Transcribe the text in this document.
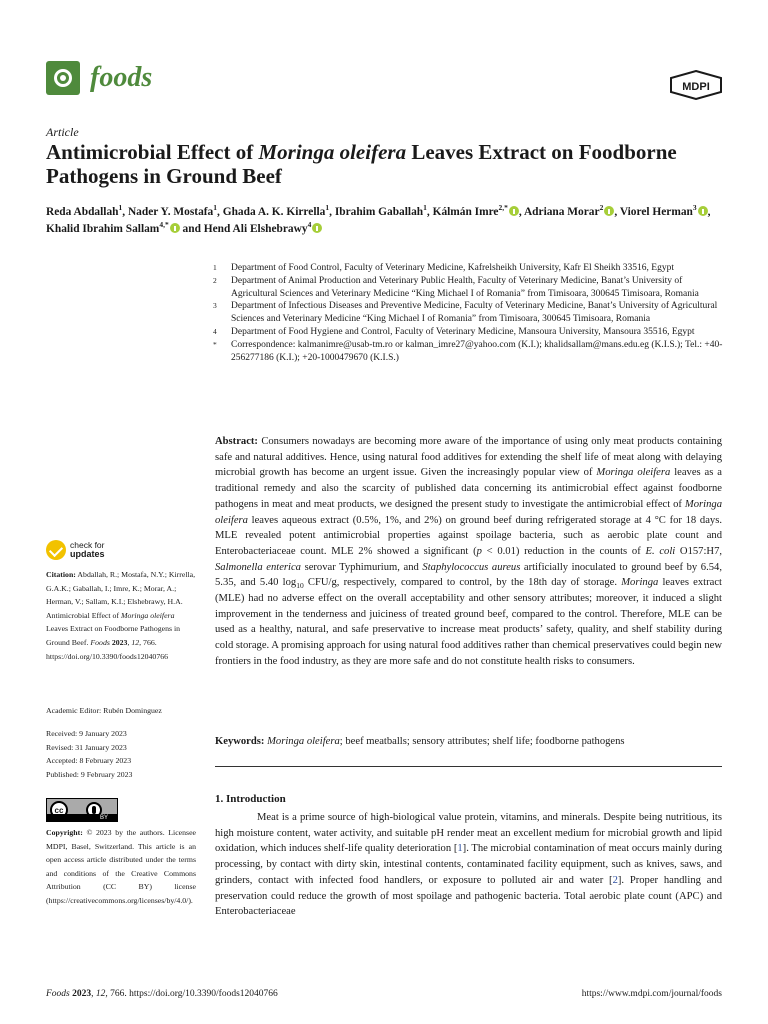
foods	MDPI
Article
Antimicrobial Effect of Moringa oleifera Leaves Extract on Foodborne Pathogens in Ground Beef
Reda Abdallah$^1$, Nader Y. Mostafa$^1$, Ghada A. K. Kirrella$^1$, Ibrahim Gaballah$^1$, Kálmán Imre$^{2,*}$ , Adriana Morar$^2$ , Viorel Herman$^3$ , Khalid Ibrahim Sallam$^{4,*}$ and Hend Ali Elshebrawy$^4$
1	Department of Food Control, Faculty of Veterinary Medicine, Kafrelsheikh University, Kafr El Sheikh 33516, Egypt
2	Department of Animal Production and Veterinary Public Health, Faculty of Veterinary Medicine, Banat’s University of Agricultural Sciences and Veterinary Medicine “King Michael I of Romania” from Timisoara, 300645 Timisoara, Romania
3	Department of Infectious Diseases and Preventive Medicine, Faculty of Veterinary Medicine, Banat’s University of Agricultural Sciences and Veterinary Medicine “King Michael I of Romania” from Timisoara, 300645 Timisoara, Romania
4	Department of Food Hygiene and Control, Faculty of Veterinary Medicine, Mansoura University, Mansoura 35516, Egypt
*	Correspondence: kalmanimre@usab-tm.ro or kalman_imre27@yahoo.com (K.I.); khalidsallam@mans.edu.eg (K.I.S.); Tel.: +40-256277186 (K.I.); +20-1000479670 (K.I.S.)
Abstract: Consumers nowadays are becoming more aware of the importance of using only meat products containing safe and natural additives. Hence, using natural food additives for extending the shelf life of meat along with delaying microbial growth has become an urgent issue. Given the increasingly popular view of Moringa oleifera leaves as a traditional remedy and also the scarcity of published data concerning its antimicrobial effect against foodborne pathogens in meat and meat products, we designed the present study to investigate the antimicrobial effect of Moringa oleifera leaves aqueous extract (0.5%, 1%, and 2%) on ground beef during refrigerated storage at 4 °C for 18 days. MLE revealed potent antimicrobial properties against spoilage bacteria, such as aerobic plate count and Enterobacteriaceae count. MLE 2% showed a significant (p < 0.01) reduction in the counts of E. coli O157:H7, Salmonella enterica serovar Typhimurium, and Staphylococcus aureus artificially inoculated to ground beef by 6.54, 5.35, and 5.40 $\log_{10} CFU/g$, respectively, compared to control, by the 18th day of storage. Moringa leaves extract (MLE) had no adverse effect on the overall acceptability and other sensory attributes; moreover, it induced a slight improvement in the tenderness and juiciness of treated ground beef, compared to the control. Therefore, MLE can be used as a healthy, natural, and safe preservative to increase meat products’ safety, quality, and shelf stability during cold storage. A promising approach for using natural food additives rather than chemical preservatives could begin new frontiers in the food industry, as they are more safe and do not constitute health risks to consumers.
Keywords: Moringa oleifera; beef meatballs; sensory attributes; shelf life; foodborne pathogens
1. Introduction
Meat is a prime source of high-biological value protein, vitamins, and minerals. Despite being nutritious, its high moisture content, water activity, and suitable pH render meat an excellent medium for microbial growth and lipid oxidation, which induces shelf-life quality deterioration [1]. The microbial contamination of meat occurs mainly during processing, by contact with dirty skin, intestinal contents, contaminated facility equipment, such as knives, saws, and grinders, contact with infected food handlers, or exposure to polluted air and water [2]. Proper handling and preservation could reduce the growth of most spoilage and pathogenic bacteria. Total aerobic plate count (APC) and Enterobacteriaceae
check for
updates
Citation: Abdallah, R.; Mostafa, N.Y.; Kirrella, G.A.K.; Gaballah, I.; Imre, K.; Morar, A.; Herman, V.; Sallam, K.I.; Elshebrawy, H.A. Antimicrobial Effect of Moringa oleifera Leaves Extract on Foodborne Pathogens in Ground Beef. Foods 2023, 12, 766. https://doi.org/10.3390/foods12040766
Academic Editor: Rubén Dominguez
Received: 9 January 2023
Revised: 31 January 2023
Accepted: 8 February 2023
Published: 9 February 2023
cc
BY
Copyright: © 2023 by the authors. Licensee MDPI, Basel, Switzerland. This article is an open access article distributed under the terms and conditions of the Creative Commons Attribution (CC BY) license (https://creativecommons.org/licenses/by/4.0/).
Foods 2023, 12, 766. https://doi.org/10.3390/foods12040766	https://www.mdpi.com/journal/foods
